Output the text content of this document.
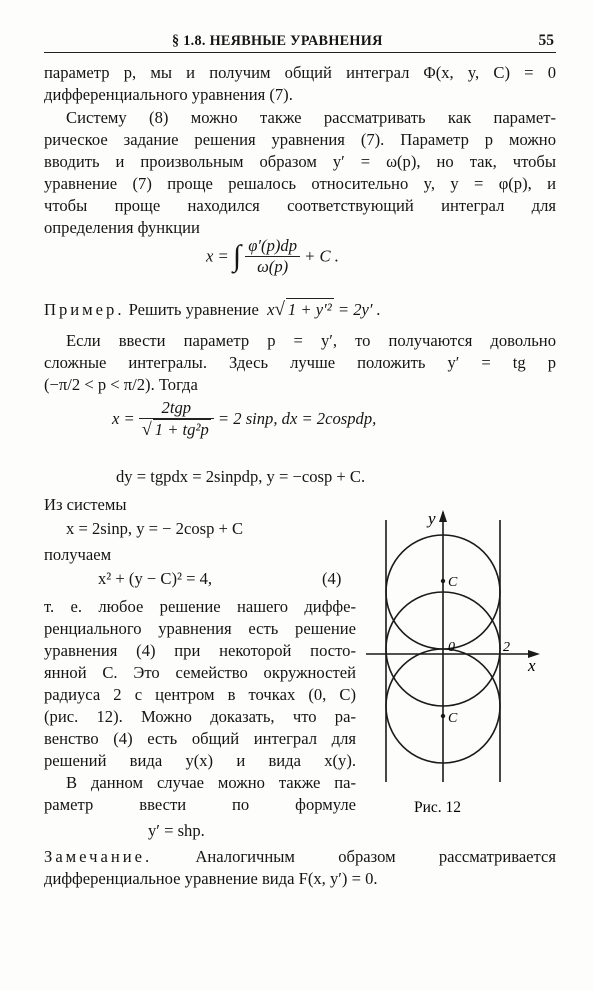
§ 1.8. НЕЯВНЫЕ УРАВНЕНИЯ	55
параметр p, мы и получим общий интеграл Φ(x, y, C) = 0
дифференциального уравнения (7).
Систему (8) можно также рассматривать как парамет-
рическое задание решения уравнения (7). Параметр p можно
вводить и произвольным образом y′ = ω(p), но так, чтобы
уравнение (7) проще решалось относительно y, y = φ(p), и
чтобы проще находился соответствующий интеграл для
определения функции
x = ∫ $\frac{\varphi'(p)dp}{\omega(p)} + C$ .
Пример. Решить уравнение x√ 1 + y′² = 2y′ .
Если ввести параметр p = y′, то получаются довольно
сложные интегралы. Здесь лучше положить y′ = tg p
(−π/2 < p < π/2). Тогда
$x = \frac{\text{2tgp}}{\text{√ 1 + tg²p}} = 2$ sinp, dx = 2cospdp,
dy = tgpdx = 2sinpdp, y = −cosp + C.
Из системы
x = 2sinp, y = − 2cosp + C
получаем
x² + (y − C)² = 4,	(4)
т. е. любое решение нашего диффе-
ренциального уравнения есть решение
уравнения (4) при некоторой посто-
янной C. Это семейство окружностей
радиуса 2 с центром в точках (0, C)
(рис. 12). Можно доказать, что ра-
венство (4) есть общий интеграл для
решений вида y(x) и вида x(y).
В данном случае можно также па-
раметр ввести по формуле
y′ = shp.
y
x
0	2
C
C
Рис. 12
Замечание.	Аналогичным образом рассматривается
дифференциальное уравнение вида F(x, y′) = 0.
